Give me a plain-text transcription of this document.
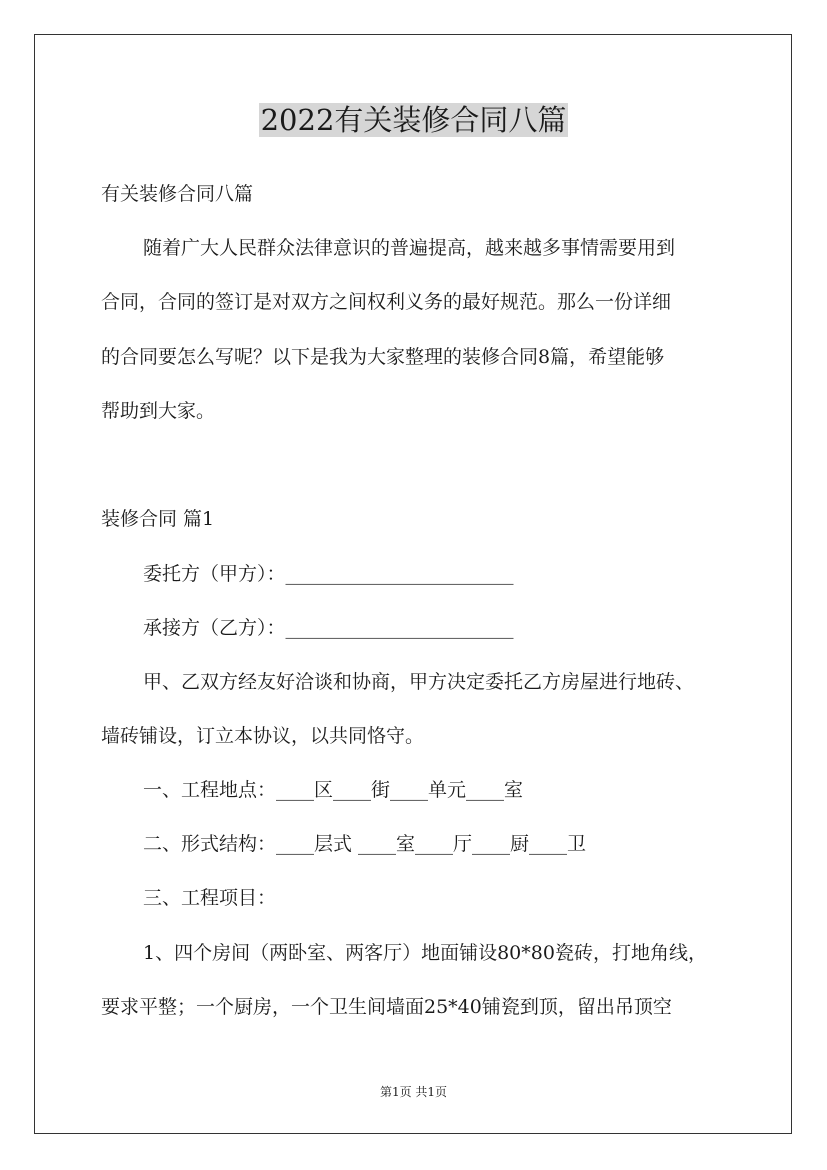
2022有关装修合同八篇

有关装修合同八篇

随着广大人民群众法律意识的普遍提高，越来越多事情需要用到

合同，合同的签订是对双方之间权利义务的最好规范。那么一份详细

的合同要怎么写呢？以下是我为大家整理的装修合同8篇，希望能够

帮助到大家。

装修合同 篇1

委托方（甲方）：________________________

承接方（乙方）：________________________

甲、乙双方经友好洽谈和协商，甲方决定委托乙方房屋进行地砖、

墙砖铺设，订立本协议，以共同恪守。

一、工程地点：____区____街____单元____室

二、形式结构：____层式 ____室____厅____厨____卫

三、工程项目：

1、四个房间（两卧室、两客厅）地面铺设80*80瓷砖，打地角线，

要求平整；一个厨房，一个卫生间墙面25*40铺瓷到顶，留出吊顶空

第1页 共1页
